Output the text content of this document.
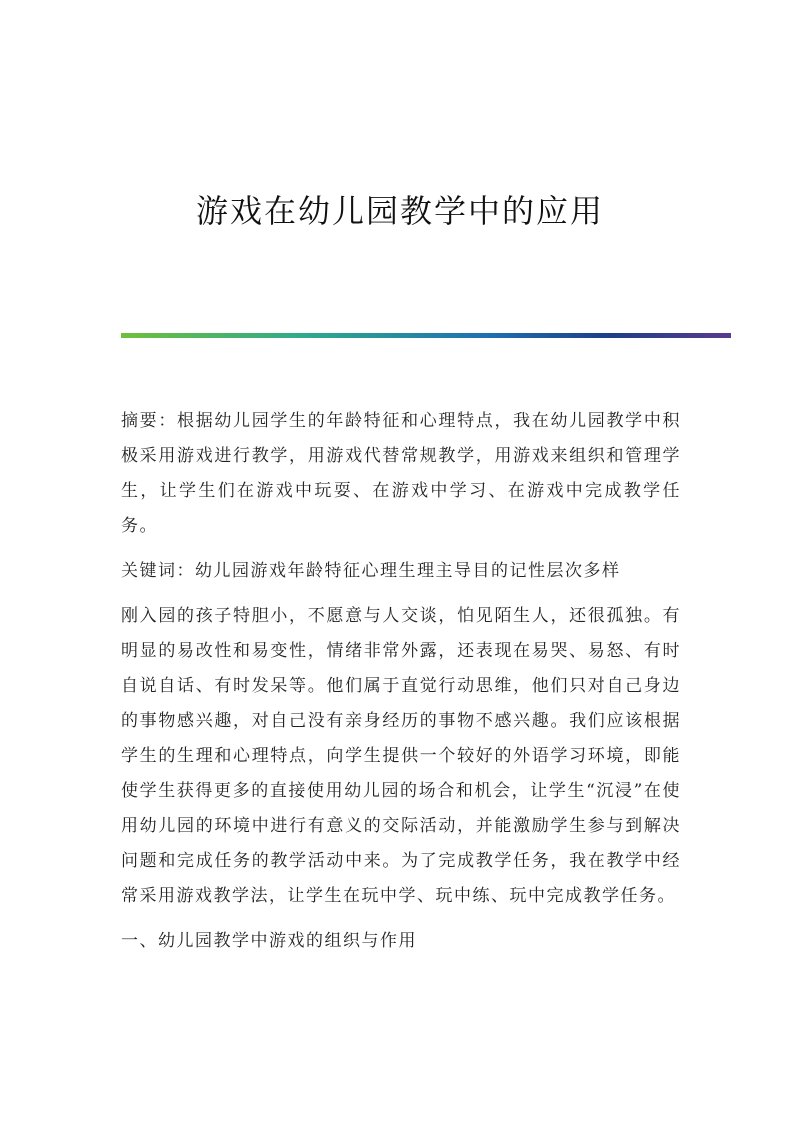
游戏在幼儿园教学中的应用

摘要：根据幼儿园学生的年龄特征和心理特点，我在幼儿园教学中积极采用游戏进行教学，用游戏代替常规教学，用游戏来组织和管理学生，让学生们在游戏中玩耍、在游戏中学习、在游戏中完成教学任务。

关键词：幼儿园游戏年龄特征心理生理主导目的记性层次多样

刚入园的孩子特胆小，不愿意与人交谈，怕见陌生人，还很孤独。有明显的易改性和易变性，情绪非常外露，还表现在易哭、易怒、有时自说自话、有时发呆等。他们属于直觉行动思维，他们只对自己身边的事物感兴趣，对自己没有亲身经历的事物不感兴趣。我们应该根据学生的生理和心理特点，向学生提供一个较好的外语学习环境，即能使学生获得更多的直接使用幼儿园的场合和机会，让学生“沉浸”在使用幼儿园的环境中进行有意义的交际活动，并能激励学生参与到解决问题和完成任务的教学活动中来。为了完成教学任务，我在教学中经常采用游戏教学法，让学生在玩中学、玩中练、玩中完成教学任务。

一、幼儿园教学中游戏的组织与作用
